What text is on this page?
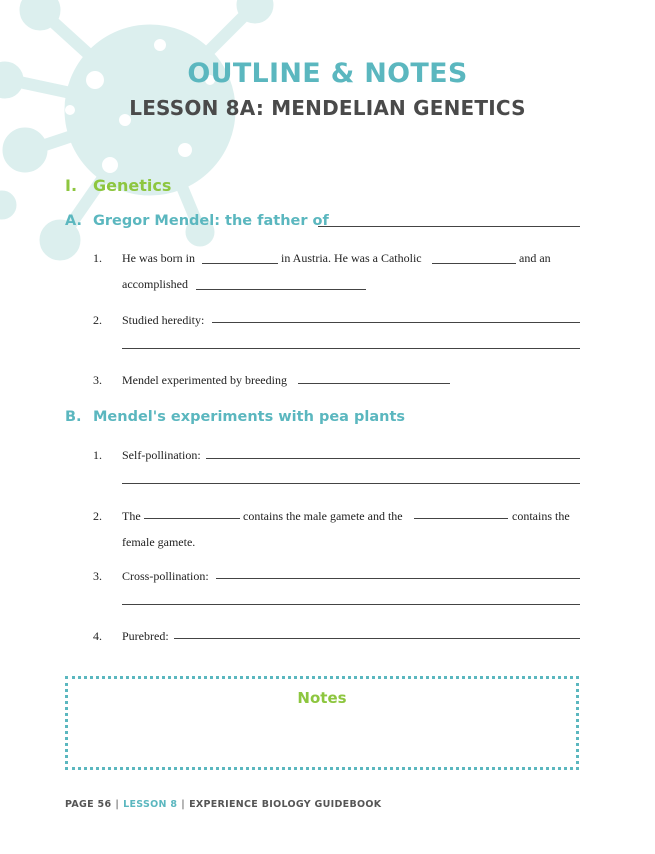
OUTLINE & NOTES
LESSON 8A: MENDELIAN GENETICS
I. Genetics
A. Gregor Mendel: the father of
1. He was born in	in Austria. He was a Catholic	and an
accomplished
2. Studied heredity:
3. Mendel experimented by breeding
B. Mendel's experiments with pea plants
1. Self-pollination:
2. The	contains the male gamete and the	contains the
female gamete.
3. Cross-pollination:
4. Purebred:
Notes
PAGE 56 | LESSON 8 | EXPERIENCE BIOLOGY GUIDEBOOK
